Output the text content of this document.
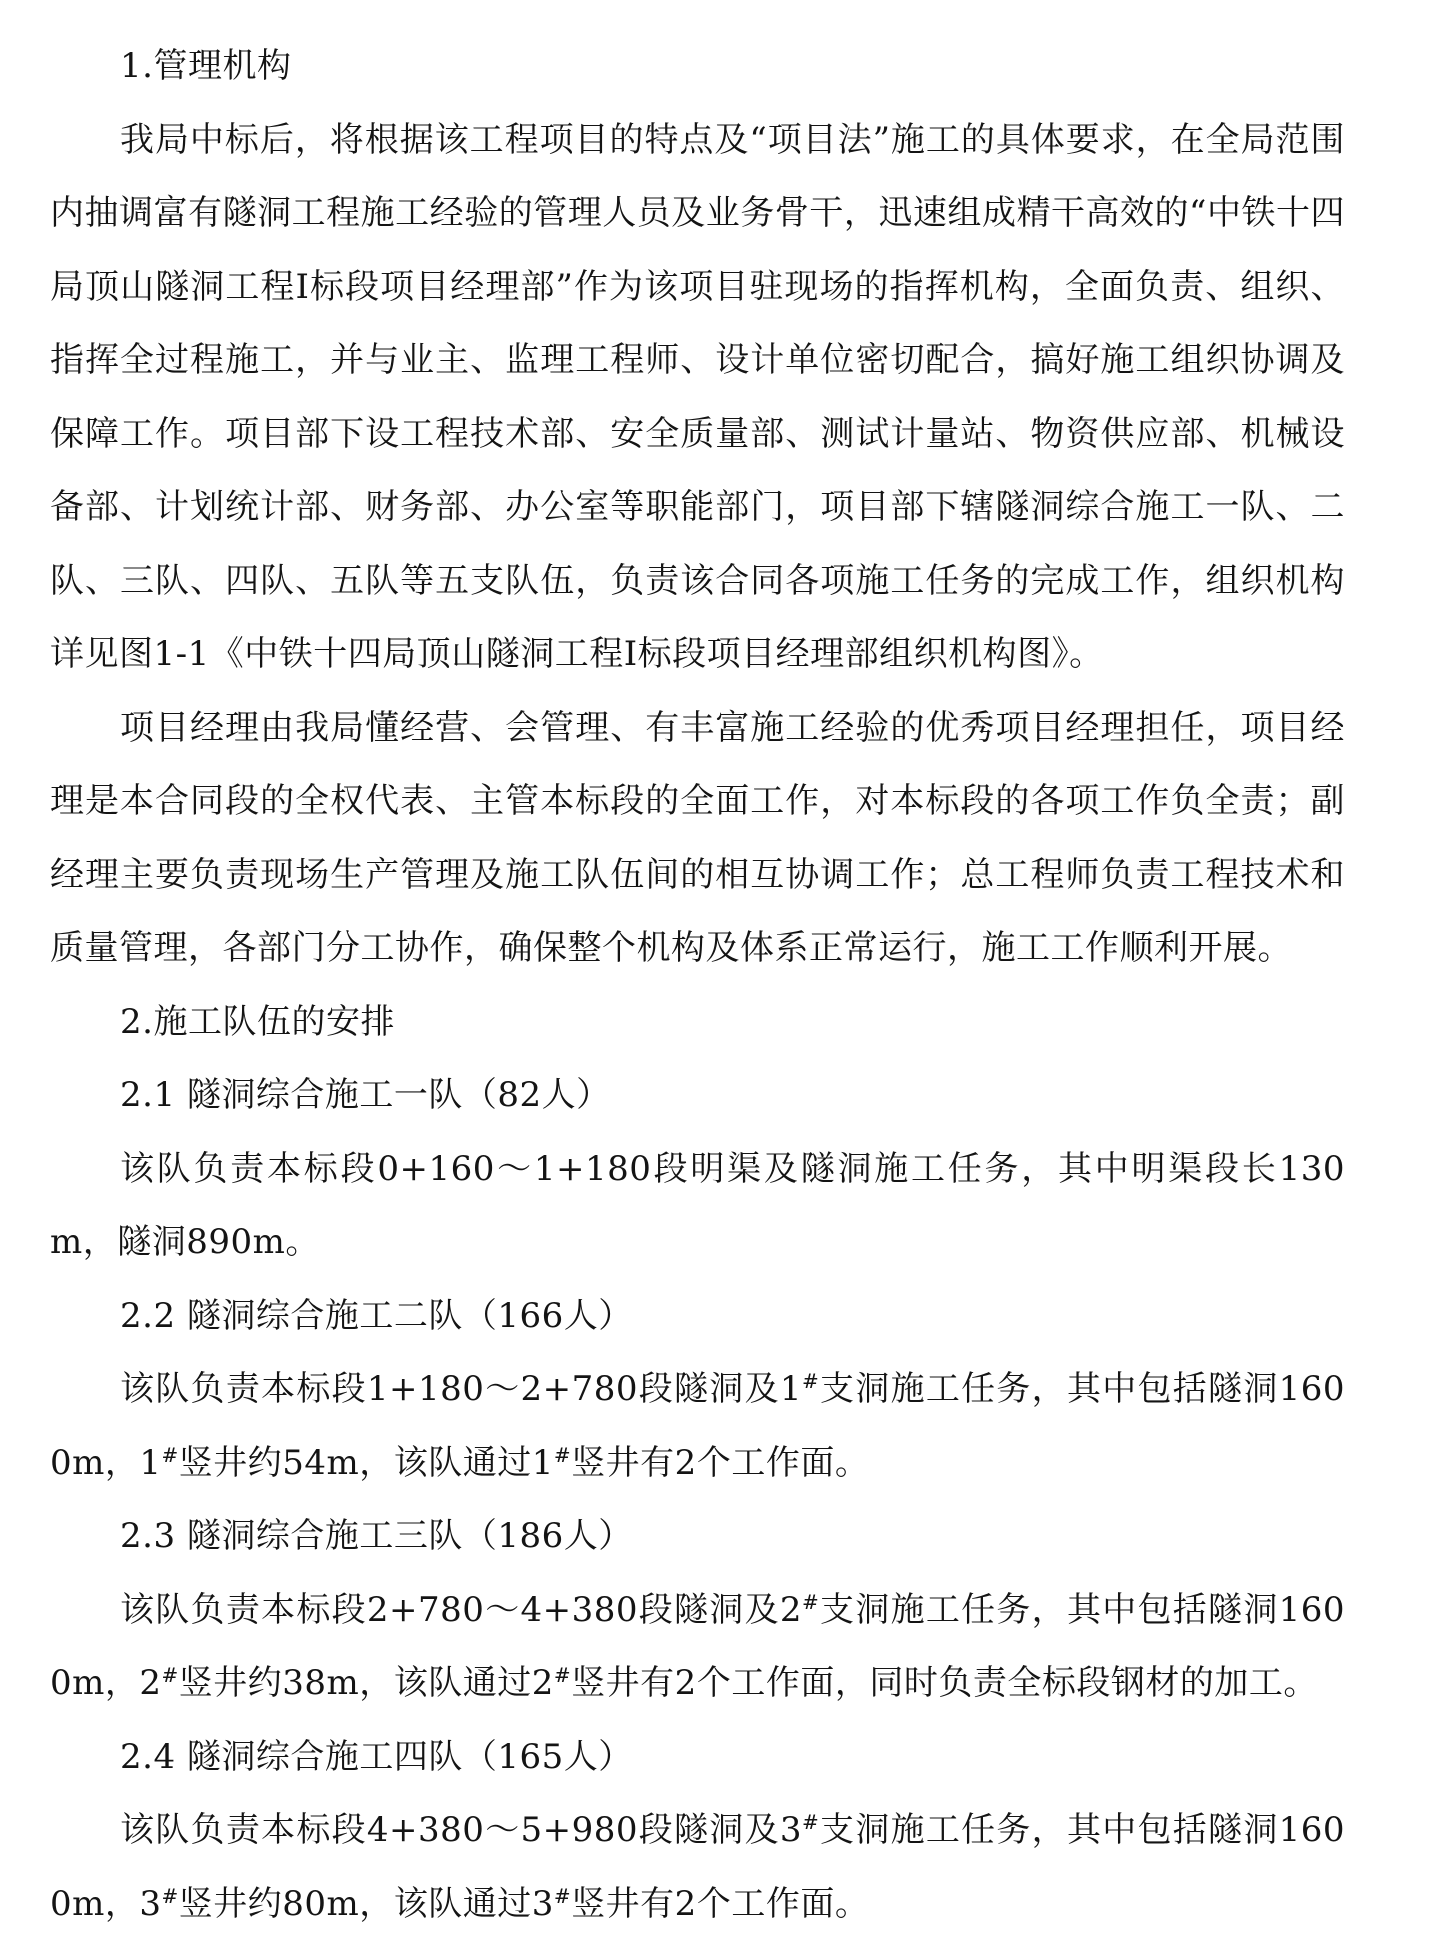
1.管理机构

我局中标后，将根据该工程项目的特点及“项目法”施工的具体要求，在全局范围内抽调富有隧洞工程施工经验的管理人员及业务骨干，迅速组成精干高效的“中铁十四局顶山隧洞工程Ⅰ标段项目经理部”作为该项目驻现场的指挥机构，全面负责、组织、指挥全过程施工，并与业主、监理工程师、设计单位密切配合，搞好施工组织协调及保障工作。项目部下设工程技术部、安全质量部、测试计量站、物资供应部、机械设备部、计划统计部、财务部、办公室等职能部门，项目部下辖隧洞综合施工一队、二队、三队、四队、五队等五支队伍，负责该合同各项施工任务的完成工作，组织机构详见图1-1《中铁十四局顶山隧洞工程Ⅰ标段项目经理部组织机构图》。

项目经理由我局懂经营、会管理、有丰富施工经验的优秀项目经理担任，项目经理是本合同段的全权代表、主管本标段的全面工作，对本标段的各项工作负全责；副经理主要负责现场生产管理及施工队伍间的相互协调工作；总工程师负责工程技术和质量管理，各部门分工协作，确保整个机构及体系正常运行，施工工作顺利开展。

2.施工队伍的安排

2.1 隧洞综合施工一队（82人）

该队负责本标段0+160～1+180段明渠及隧洞施工任务，其中明渠段长130m，隧洞890m。

2.2 隧洞综合施工二队（166人）

该队负责本标段1+180～2+780段隧洞及1#支洞施工任务，其中包括隧洞1600m，1#竖井约54m，该队通过1#竖井有2个工作面。

2.3 隧洞综合施工三队（186人）

该队负责本标段2+780～4+380段隧洞及2#支洞施工任务，其中包括隧洞1600m，2#竖井约38m，该队通过2#竖井有2个工作面，同时负责全标段钢材的加工。

2.4 隧洞综合施工四队（165人）

该队负责本标段4+380～5+980段隧洞及3#支洞施工任务，其中包括隧洞1600m，3#竖井约80m，该队通过3#竖井有2个工作面。
